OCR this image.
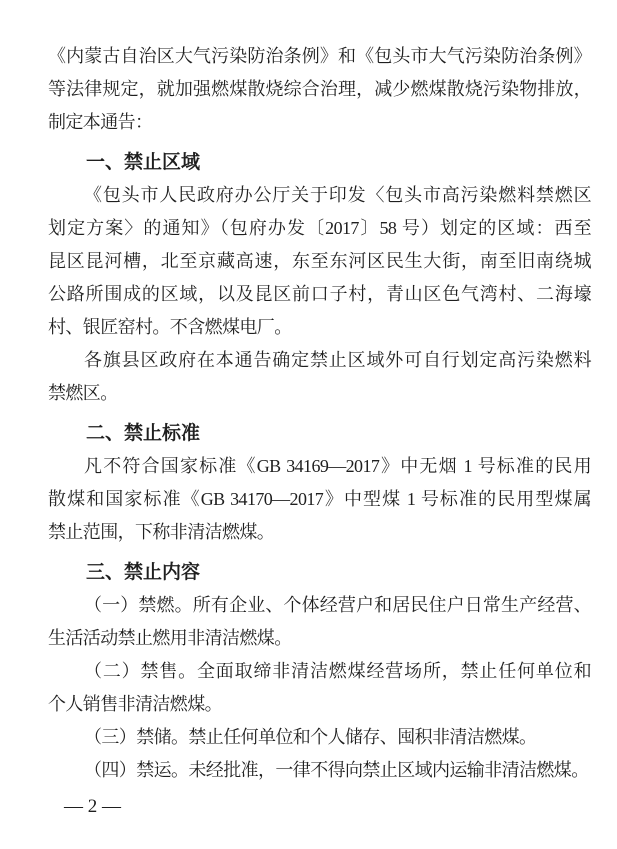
《内蒙古自治区大气污染防治条例》和《包头市大气污染防治条例》
等法律规定，就加强燃煤散烧综合治理，减少燃煤散烧污染物排放，
制定本通告：
一、禁止区域
《包头市人民政府办公厅关于印发〈包头市高污染燃料禁燃区
划定方案〉的通知》（包府办发〔2017〕58 号）划定的区域：西至
昆区昆河槽，北至京藏高速，东至东河区民生大街，南至旧南绕城
公路所围成的区域，以及昆区前口子村，青山区色气湾村、二海壕
村、银匠窑村。不含燃煤电厂。
各旗县区政府在本通告确定禁止区域外可自行划定高污染燃料
禁燃区。
二、禁止标准
凡不符合国家标准《GB 34169—2017》中无烟 1 号标准的民用
散煤和国家标准《GB 34170—2017》中型煤 1 号标准的民用型煤属
禁止范围，下称非清洁燃煤。
三、禁止内容
（一）禁燃。所有企业、个体经营户和居民住户日常生产经营、
生活活动禁止燃用非清洁燃煤。
（二）禁售。全面取缔非清洁燃煤经营场所，禁止任何单位和
个人销售非清洁燃煤。
（三）禁储。禁止任何单位和个人储存、囤积非清洁燃煤。
（四）禁运。未经批准，一律不得向禁止区域内运输非清洁燃煤。
— 2 —
